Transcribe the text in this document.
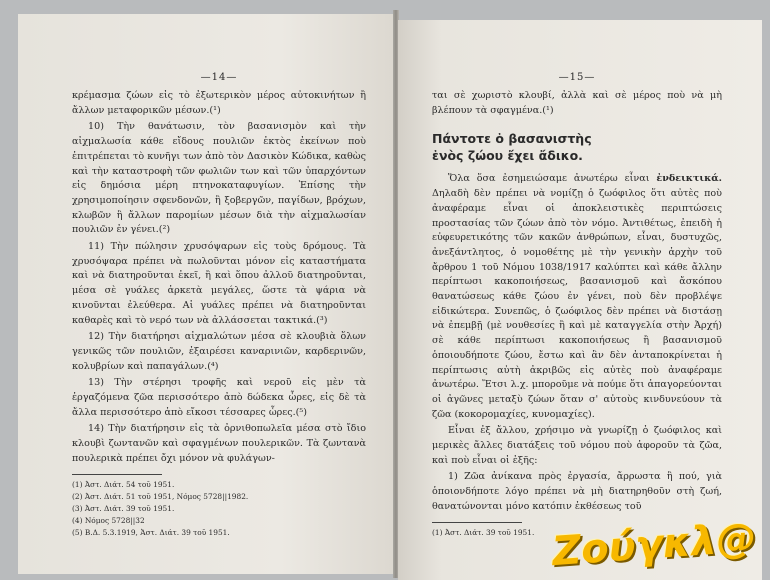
—14—

κρέμασμα ζώων εἰς τὸ ἐξωτερικὸν μέρος αὐτοκινήτων ἢ ἄλλων μεταφορικῶν μέσων.(¹)

10) Τὴν θανάτωσιν, τὸν βασανισμὸν καὶ τὴν αἰχμαλωσία κάθε εἴδους πουλιῶν ἐκτὸς ἐκείνων ποὺ ἐπιτρέπεται τὸ κυνῆγι των ἀπὸ τὸν Δασικὸν Κώδικα, καθὼς καὶ τὴν καταστροφὴ τῶν φωλιῶν των καὶ τῶν ὑπαρχόντων εἰς δημόσια μέρη πτηνοκαταφυγίων. Ἐπίσης τὴν χρησιμοποίησιν σφενδονῶν, ἢ ξοβεργῶν, παγίδων, βρόχων, κλωβῶν ἢ ἄλλων παρομίων μέσων διὰ τὴν αἰχμαλωσίαν πουλιῶν ἐν γένει.(²)

11) Τὴν πώλησιν χρυσόψαρων εἰς τοὺς δρόμους. Τὰ χρυσόψαρα πρέπει νὰ πωλοῦνται μόνον εἰς καταστήματα καὶ νὰ διατηροῦνται ἐκεῖ, ἢ καὶ ὅπου ἀλλοῦ διατηροῦνται, μέσα σὲ γυάλες ἀρκετὰ μεγάλες, ὥστε τὰ ψάρια νὰ κινοῦνται ἐλεύθερα. Αἱ γυάλες πρέπει νὰ διατηροῦνται καθαρὲς καὶ τὸ νερό των νὰ ἀλλάσσεται τακτικά.(³)

12) Τὴν διατήρησι αἰχμαλώτων μέσα σὲ κλουβιὰ ὅλων γενικῶς τῶν πουλιῶν, ἐξαιρέσει καναρινιῶν, καρδερινῶν, κολυβρίων καὶ παπαγάλων.(⁴)

13) Τὴν στέρησι τροφῆς καὶ νεροῦ εἰς μὲν τὰ ἐργαζόμενα ζῶα περισσότερο ἀπὸ δώδεκα ὧρες, εἰς δὲ τὰ ἄλλα περισσότερο ἀπὸ εἴκοσι τέσσαρες ὧρες.(⁵)

14) Τὴν διατήρησιν εἰς τὰ ὀρνιθοπωλεῖα μέσα στὸ ἴδιο κλουβὶ ζωντανῶν καὶ σφαγμένων πουλερικῶν. Τὰ ζωντανὰ πουλερικὰ πρέπει ὄχι μόνον νὰ φυλάγων-

(1) Ἀστ. Διάτ. 54 τοῦ 1951.
(2) Ἀστ. Διάτ. 51 τοῦ 1951, Νόμος 5728||1982.
(3) Ἀστ. Διάτ. 39 τοῦ 1951.
(4) Νόμος 5728||32
(5) Β.Δ. 5.3.1919, Ἀστ. Διάτ. 39 τοῦ 1951.
—15—

ται σὲ χωριστὸ κλουβί, ἀλλὰ καὶ σὲ μέρος ποὺ νὰ μὴ βλέπουν τὰ σφαγμένα.(¹)

Πάντοτε ὁ βασανιστὴς
ἑνὸς ζώου ἔχει ἄδικο.

Ὅλα ὅσα ἐσημειώσαμε ἀνωτέρω εἶναι ἐνδεικτικά. Δηλαδὴ δὲν πρέπει νὰ νομίζῃ ὁ ζωόφιλος ὅτι αὐτὲς ποὺ ἀναφέραμε εἶναι οἱ ἀποκλειστικὲς περιπτώσεις προστασίας τῶν ζώων ἀπὸ τὸν νόμο. Ἀντιθέτως, ἐπειδὴ ἡ εὐφευρετικότης τῶν κακῶν ἀνθρώπων, εἶναι, δυστυχῶς, ἀνεξάντλητος, ὁ νομοθέτης μὲ τὴν γενικὴν ἀρχὴν τοῦ ἄρθρου 1 τοῦ Νόμου 1038/1917 καλύπτει καὶ κάθε ἄλλην περίπτωσι κακοποιήσεως, βασανισμοῦ καὶ ἄσκόπου θανατώσεως κάθε ζώου ἐν γένει, ποὺ δὲν προβλέψε εἰδικώτερα. Συνεπῶς, ὁ ζωόφιλος δὲν πρέπει νὰ διστάσῃ νὰ ἐπεμβῇ (μὲ νουθεσίες ἢ καὶ μὲ καταγγελία στὴν Ἀρχή) σὲ κάθε περίπτωσι κακοποιήσεως ἢ βασανισμοῦ ὁποιουδήποτε ζώου, ἔστω καὶ ἂν δὲν ἀνταποκρίνεται ἡ περίπτωσις αὐτὴ ἀκριβῶς εἰς αὐτὲς ποὺ ἀναφέραμε ἀνωτέρω. Ἔτσι λ.χ. μποροῦμε νὰ πούμε ὅτι ἀπαγορεύονται οἱ ἀγῶνες μεταξὺ ζώων ὅταν σ' αὐτοὺς κινδυνεύουν τὰ ζῶα (κοκορομαχίες, κυνομαχίες).

Εἶναι ἐξ ἄλλου, χρήσιμο νὰ γνωρίζῃ ὁ ζωόφιλος καὶ μερικὲς ἄλλες διατάξεις τοῦ νόμου ποὺ ἀφοροῦν τὰ ζῶα, καὶ ποὺ εἶναι οἱ ἑξῆς:

1) Ζῶα ἀνίκανα πρὸς ἐργασία, ἄρρωστα ἢ πού, γιὰ ὁποιονδήποτε λόγο πρέπει νὰ μὴ διατηρηθοῦν στὴ ζωή, θανατώνονται μόνο κατόπιν ἐκθέσεως τοῦ

(1) Ἀστ. Διάτ. 39 τοῦ 1951. Ζούγκλ@
